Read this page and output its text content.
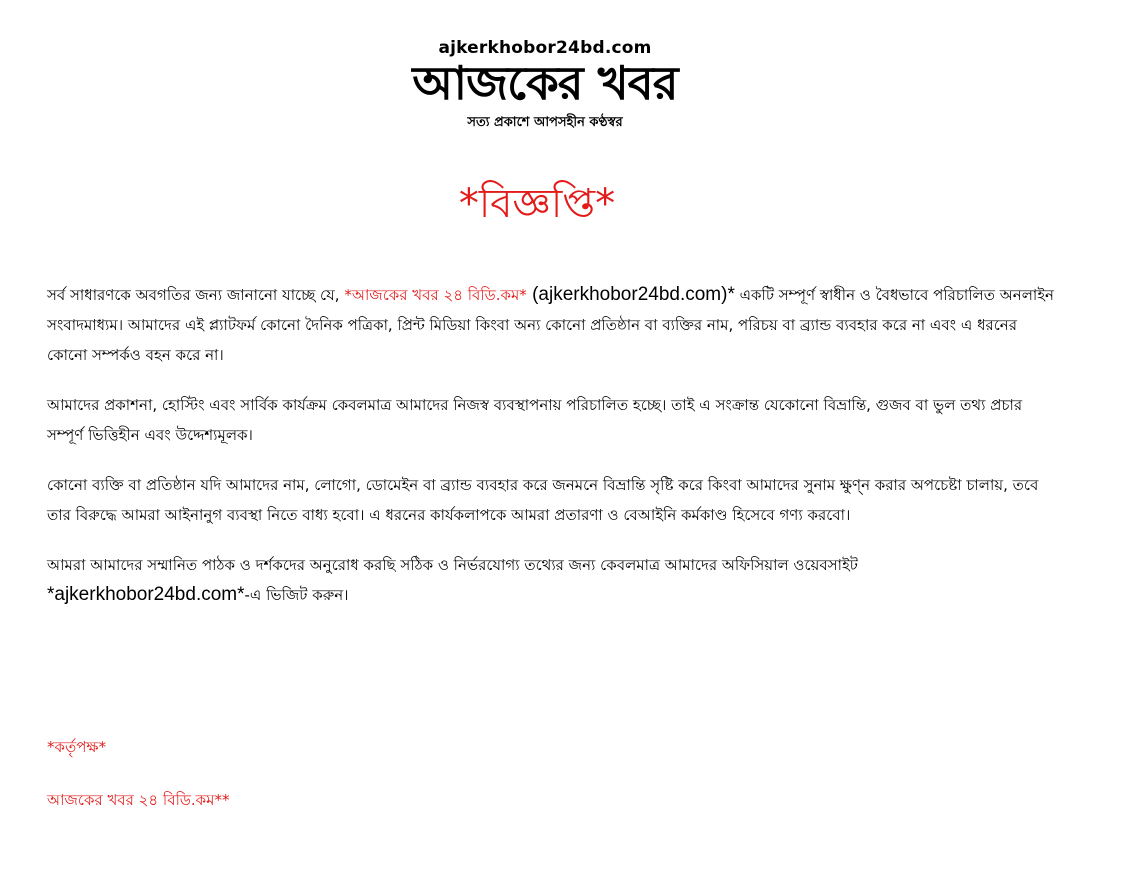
ajkerkhobor24bd.com
আজকের খবর
সত্য প্রকাশে আপসহীন কণ্ঠস্বর
*বিজ্ঞপ্তি*

সর্ব সাধারণকে অবগতির জন্য জানানো যাচ্ছে যে, *আজকের খবর ২৪ বিডি.কম* (ajkerkhobor24bd.com)* একটি সম্পূর্ণ স্বাধীন ও বৈধভাবে পরিচালিত অনলাইন সংবাদমাধ্যম। আমাদের এই প্ল্যাটফর্ম কোনো দৈনিক পত্রিকা, প্রিন্ট মিডিয়া কিংবা অন্য কোনো প্রতিষ্ঠান বা ব্যক্তির নাম, পরিচয় বা ব্র্যান্ড ব্যবহার করে না এবং এ ধরনের কোনো সম্পর্কও বহন করে না।

আমাদের প্রকাশনা, হোস্টিং এবং সার্বিক কার্যক্রম কেবলমাত্র আমাদের নিজস্ব ব্যবস্থাপনায় পরিচালিত হচ্ছে। তাই এ সংক্রান্ত যেকোনো বিভ্রান্তি, গুজব বা ভুল তথ্য প্রচার সম্পূর্ণ ভিত্তিহীন এবং উদ্দেশ্যমূলক।

কোনো ব্যক্তি বা প্রতিষ্ঠান যদি আমাদের নাম, লোগো, ডোমেইন বা ব্র্যান্ড ব্যবহার করে জনমনে বিভ্রান্তি সৃষ্টি করে কিংবা আমাদের সুনাম ক্ষুণ্ন করার অপচেষ্টা চালায়, তবে তার বিরুদ্ধে আমরা আইনানুগ ব্যবস্থা নিতে বাধ্য হবো। এ ধরনের কার্যকলাপকে আমরা প্রতারণা ও বেআইনি কর্মকাণ্ড হিসেবে গণ্য করবো।

আমরা আমাদের সম্মানিত পাঠক ও দর্শকদের অনুরোধ করছি সঠিক ও নির্ভরযোগ্য তথ্যের জন্য কেবলমাত্র আমাদের অফিসিয়াল ওয়েবসাইট *ajkerkhobor24bd.com*-এ ভিজিট করুন।

*কর্তৃপক্ষ*
আজকের খবর ২৪ বিডি.কম**
